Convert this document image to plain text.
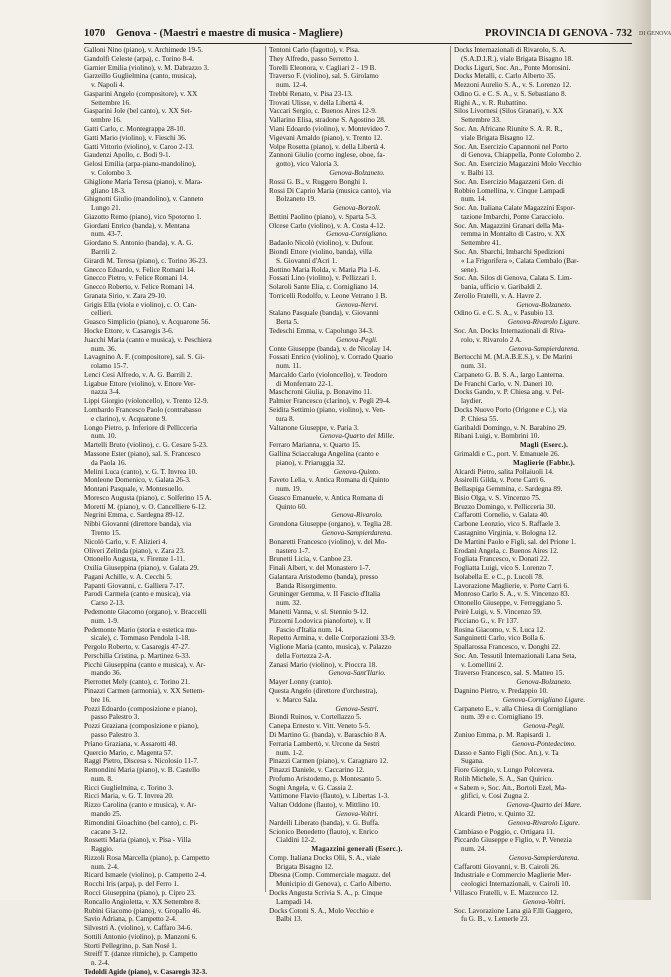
1070 Genova - (Maestri e maestre di musica - Magliere)	PROVINCIA DI GENOVA - 732
Galloni Nino (piano), v. Archimede 19-5.
Gandolfi Celeste (arpa), c. Torino 8-4.
Garnier Emilia (violino), v. M. Dabrazzo 3.
Garzeillo Guglielmina (canto, musica),
v. Napoli 4.
Gasparini Angelo (compositore), v. XX
Settembre 16.
Gasparini Jole (bel canto), v. XX Set-
tembre 16.
Gatti Carlo, c. Montegrappa 28-10.
Gatti Mario (violino), v. Fieschi 36.
Gatti Vittorio (violino), v. Caroo 2-13.
Gaudenzi Apollo, c. Bodi 9-1.
Gelosi Emilia (arpa-piano-mandolino),
v. Colombo 3.
Ghiglione Maria Teresa (piano), v. Mara-
gliano 18-3.
Ghignotti Giulio (mandolino), v. Canneto
Lungo 21.
Giazotto Remo (piano), vico Spotorno 1.
Giordani Enrico (banda), v. Mentana
num. 43-7.
Giordano S. Antonio (banda), v. A. G.
Barrili 2.
Girardi M. Teresa (piano), c. Torino 36-23.
Gnecco Edoardo, v. Felice Romani 14.
Gnecco Pietro, v. Felice Romani 14.
Gnecco Roberto, v. Felice Romani 14.
Granata Sirio, v. Zara 29-10.
Grigis Ella (viola e violino), c. O. Can-
cellieri.
Guasco Simplicio (piano), v. Acquarone 56.
Hocke Ettore, v. Casaregis 3-6.
Juacchi Maria (canto e musica), v. Peschiera
num. 36.
Lavagnino A. F. (compositore), sal. S. Gi-
rolamo 15-7.
Lenci Cesi Alfredo, v. A. G. Barrili 2.
Ligabue Ettore (violino), v. Ettore Ver-
nazza 3-4.
Lippi Giorgio (violoncello), v. Trento 12-9.
Lombardo Francesco Paolo (contrabasso
e clarino), v. Acquarone 9.
Longo Pietro, p. Inferiore di Pellicceria
num. 10.
Martelli Bruto (violino), c. G. Cesare 5-23.
Massone Ester (piano), sal. S. Francesco
da Paola 16.
Melini Luca (canto), v. G. T. Invrea 10.
Monleone Domenico, v. Galata 26-3.
Montani Pasquale, v. Montesuello.
Moresco Augusta (piano), c. Solferino 15 A.
Moretti M. (piano), v. O. Cancelliere 6-12.
Negrini Emma, c. Sardegna 89-12.
Nibbi Giovanni (direttore banda), via
Trento 15.
Nicolò Carlo, v. F. Alizieri 4.
Oliveri Zelinda (piano), v. Zara 23.
Ottonello Augusta, v. Firenze 1-11.
Oxilia Giuseppina (piano), v. Galata 29.
Pagani Achille, v. A. Cecchi 5.
Papanti Giovanni, c. Galliera 7-17.
Parodi Carmela (canto e musica), via
Carso 2-13.
Pedemonte Giacomo (organo), v. Braccelli
num. 1-9.
Pedemonte Mario (storia e estetica mu-
sicale), c. Tommaso Pendola 1-18.
Pergolo Roberto, v. Casaregis 47-27.
Perschilla Cristina, p. Martinez 6-33.
Picchi Giuseppina (canto e musica), v. Ar-
mando 36.
Pierrottet Mely (canto), c. Torino 21.
Pinazzi Carmen (armonia), v. XX Settem-
bre 16.
Pozzi Edoardo (composizione e piano),
passo Palestro 3.
Pozzi Graziana (composizione e piano),
passo Palestro 3.
Priano Graziana, v. Assarotti 48.
Quercio Mario, c. Magenta 57.
Raggi Pietro, Discesa s. Nicolosio 11-7.
Remondini Maria (piano), v. B. Castello
num. 8.
Ricci Guglielmina, c. Torino 3.
Ricci Maria, v. G. T. Invrea 20.
Rizzo Carolina (canto e musica), v. Ar-
mando 25.
Rimondini Gioachino (bel canto), c. Pi-
cacane 3-12.
Rossetti Maria (piano), v. Pisa - Villa
Raggio.
Rizzoli Rosa Marcella (piano), p. Campetto
num. 2-4.
Ricard Ismaele (violino), p. Campetto 2-4.
Rocchi Iris (arpa), p. del Ferro 1.
Rocci Giuseppina (piano), p. Cipro 23.
Roncallo Angioletta, v. XX Settembre 8.
Rubini Giacomo (piano), v. Gropallo 46.
Savio Adriana, p. Campetto 2-4.
Silvestri A. (violino), v. Caffaro 34-6.
Sottili Antonio (violino), p. Manzoni 6.
Storti Pellegrino, p. San Nosé 1.
Streiff T. (danze ritmiche), p. Campetto
n. 2-4.
Tedoldi Agide (piano), v. Casaregis 32-3.
Tentoni Carlo (fagotto), v. Pisa.
They Alfredo, passo Serretto 1.
Torelli Eleonora, v. Cagliari 2 - 19 B.
Traverso F. (violino), sal. S. Girolamo
num. 12-4.
Trebbi Renato, v. Pisa 23-13.
Trovati Ulisse, v. della Libertà 4.
Vaccari Sergio, c. Buenos Aires 12-9.
Vallarino Elisa, stradone S. Agostino 28.
Viani Edoardo (violino), v. Montevideo 7.
Vigevani Arnaldo (piano), v. Trento 12.
Volpe Rosetta (piano), v. della Libertà 4.
Zannoni Giulio (corno inglese, oboe, fa-
gotto), vico Valoria 3.
Genova-Bolzaneto.
Rossi G. B., v. Ruggero Bonghi 1.
Rossi Di Caprio Maria (musica canto), via
Bolzaneto 19.
Genova-Borzoli.
Bettini Paolino (piano), v. Sparta 5-3.
Olcese Carlo (violino), v. A. Costa 4-12.
Genova-Cornigliano.
Badaolo Nicolò (violino), v. Dufour.
Biondi Ettore (violino, banda), villa
S. Giovanni d'Acri 1.
Bottino Maria Rolda, v. Maria Pia 1-6.
Fossati Lino (violino), v. Pellizzari 1.
Solaroli Sante Elia, c. Cornigliano 14.
Torricelli Rodolfo, v. Leone Vetrano 1 B.
Genova-Nervi.
Stalano Pasquale (banda), v. Giovanni
Berta 5.
Tedeschi Emma, v. Capolungo 34-3.
Genova-Pegli.
Conte Giuseppe (banda), v. de Nicolay 14.
Fossati Enrico (violino), v. Corrado Quario
num. 11.
Marcaldo Carlo (violoncello), v. Teodoro
di Monferrato 22-1.
Maschcroni Giulia, p. Bonavino 11.
Palmier Francesco (clarino), v. Pegli 29-4.
Seidita Settimio (piano, violino), v. Ven-
tura 8.
Valtanone Giuseppe, v. Paria 3.
Genova-Quarto dei Mille.
Ferraro Marianna, v. Quarto 15.
Gallina Sciaccaluga Angelina (canto e
piano), v. Priaruggia 32.
Genova-Quinto.
Faveto Lelia, v. Antica Romana di Quinto
num. 19.
Guasco Emanuele, v. Antica Romana di
Quinto 60.
Genova-Rivarolo.
Grondona Giuseppe (organo), v. Teglia 28.
Genova-Sampierdarena.
Bonaretti Francesco (violino), v. del Mo-
nastero 1-7.
Brunetti Licia, v. Canboe 23.
Finali Albert, v. del Monastero 1-7.
Galantara Aristodemo (banda), presso
Banda Risorgimento.
Gruninger Gemma, v. II Fascio d'Italia
num. 32.
Manetti Vanna, v. sl. Stennio 9-12.
Pizzorni Lodovica pianoforte), v. II
Fascio d'Italia num. 14.
Repetto Armina, v. delle Corporazioni 33-9.
Viglione Maria (canto, musica), v. Palazzo
della Fortezza 2-A.
Zanasi Mario (violino), v. Pioccra 18.
Genova-Sant'Ilario.
Mayer Lonny (canto).
Questa Angelo (direttore d'orchestra),
v. Marco Sala.
Genova-Sestri.
Biondi Ruinos, v. Cortellazzo 5.
Canepa Ernesto v. Vitt. Veneto 5-5.
Di Martino G. (banda), v. Baraschio 8 A.
Ferraria Lambertò, v. Urcone da Sestri
num. 1-2.
Pinazzi Carmen (piano), v. Caragnaro 12.
Pinazzi Daniele, v. Caccarino 12.
Profumo Aristodemo, p. Montesanto 5.
Sogni Angela, v. G. Cassia 2.
Vattimone Flavio (flauto), v. Libertas 1-3.
Valtan Oddone (flauto), v. Mittlino 10.
Genova-Voltri.
Nardelli Liberato (banda), v. G. Buffa.
Scionico Benedetto (flauto), v. Enrico
Cialdini 12-2.
Magazzini generali (Eserc.).
Comp. Italiana Docks Olii, S. A., viale
Brigata Bisagno 12.
Dbesna (Comp. Commerciale magazz. del
Municipio di Genova), c. Carlo Alberto.
Docks Angusta Scrivia S. A., p. Cinque
Lampadi 14.
Docks Cotoni S. A., Molo Vecchio e
Balbi 13.
Docks Internazionali di Rivarolo, S. A.
(S.A.D.I.R.), viale Brigata Bisagno 18.
Docks Liguri, Soc. An., Ponte Morosini.
Docks Metalli, c. Carlo Alberto 35.
Mezzoni Aurelio S. A., v. S. Lorenzo 12.
Odino G. e C. S. A., v. S. Sebastiano 8.
Righi A., v. R. Rubattino.
Silos Livornesi (Silos Granari), v. XX
Settembre 33.
Soc. An. Africane Riunite S. A. R. R.,
viale Brigata Bisagno 12.
Soc. An. Esercizio Capannoni nel Porto
di Genova, Chiappella, Ponte Colombo 2.
Soc. An. Esercizio Magazzini Molo Vecchio
v. Balbi 13.
Soc. An. Esercizio Magazzeni Gen. di
Robbio Lomellina, v. Cinque Lampadi
num. 14.
Soc. An. Italiana Calate Magazzini Espor-
tazione Imbarchi, Ponte Caracciolo.
Soc. An. Magazzini Granari della Ma-
remma in Montalto di Castro, v. XX
Settembre 41.
Soc. An. Sbarchi, Imbarchi Spedizioni
« La Frigorifera », Calata Cembalo (Bar-
sene).
Soc. An. Silos di Genova, Calata S. Lim-
bania, ufficio v. Garibaldi 2.
Zerollo Fratelli, v. A. Havre 2.
Genova-Bolzaneto.
Odino G. e C. S. A., v. Pasubio 13.
Genova-Rivarolo Ligure.
Soc. An. Docks Internazionali di Riva-
rolo, v. Rivarolo 2 A.
Genova-Sampierdarena.
Bertocchi M. (M.A.B.E.S.), v. De Marini
num. 31.
Carpaneto G. B. S. A., largo Lanterna.
De Franchi Carlo, v. N. Daneri 10.
Docks Gando, v. P. Chiesa ang. v. Pel-
laydier.
Docks Nuovo Porto (Origone e C.), via
P. Chiesa 55.
Garibaldi Domingo, v. N. Barabino 29.
Ribani Luigi, v. Bombrini 10.
Magli (Eserc.).
Grimaldi e C., port. V. Emanuele 26.
Maglierie (Fabbr.).
Alcardi Pietro, salita Pollaiuoli 14.
Assirelli Gilda, v. Porte Carri 6.
Bellaspiga Gemmina, c. Sardegna 89.
Bisio Olga, v. S. Vincenzo 75.
Bruzzo Domingo, v. Pellicceria 30.
Caffarotti Cornelio, v. Galata 40.
Carbone Leonzio, vico S. Raffaele 3.
Castagnino Virginia, v. Bologna 12.
De Martini Paolo e Figli, sal. del Prione 1.
Erodani Angela, c. Buenos Aires 12.
Fogliata Francesco, v. Donati 22.
Fogliatta Luigi, vico S. Lorenzo 7.
Isolabella E. e C., p. Lucoli 78.
Lavorazione Maglierie, v. Porte Carri 6.
Monroso Carlo S. A., v. S. Vincenzo 83.
Ottonello Giuseppe, v. Ferreggiano 5.
Peirè Luigi, v. S. Vincenzo 59.
Picciano G., v. Fr 137.
Rosina Giacomo, v. S. Luca 12.
Sanguinetti Carlo, vico Bolla 6.
Spallarossa Francesco, v. Donghi 22.
Soc. An. Tessutil Internazionali Lana Seta,
v. Lomellini 2.
Traverso Francesco, sal. S. Matteo 15.
Genova-Bolzaneto.
Dagnino Pietro, v. Predappio 10.
Genova-Cornigliano Ligure.
Carpaneto E., v. alla Chiesa di Cornigliano
num. 39 e c. Cornigliano 19.
Genova-Pegli.
Zuniuo Emma, p. M. Rapisardi 1.
Genova-Pontedecimo.
Dasso e Santo Figli (Soc. An.), v. Ta
Sugana.
Fiore Giorgio, v. Lungo Polcevera.
Rolih Michele, S. A., San Quirico.
« Sabem », Soc. An., Bortoli Ezel, Ma-
glifici, v. Cosi Zugna 2.
Genova-Quarto dei Mare.
Alcardi Pietro, v. Quinto 32.
Genova-Rivarolo Ligure.
Cambiaso e Poggio, c. Ortigara 11.
Piccardo Giuseppe e Figlio, v. P. Venezia
num. 24.
Genova-Sampierdarena.
Caffarotti Giovanni, v. B. Cairoli 26.
Industriale e Commercio Maglierie Mer-
ceologici Internazionali, v. Cairoli 10.
Villasco Fratelli, v. E. Mazzucco 12.
Genova-Voltri.
Soc. Lavorazione Lana già F.lli Gaggero,
fu G. B., v. Lemerle 23.
DI GENOVA
